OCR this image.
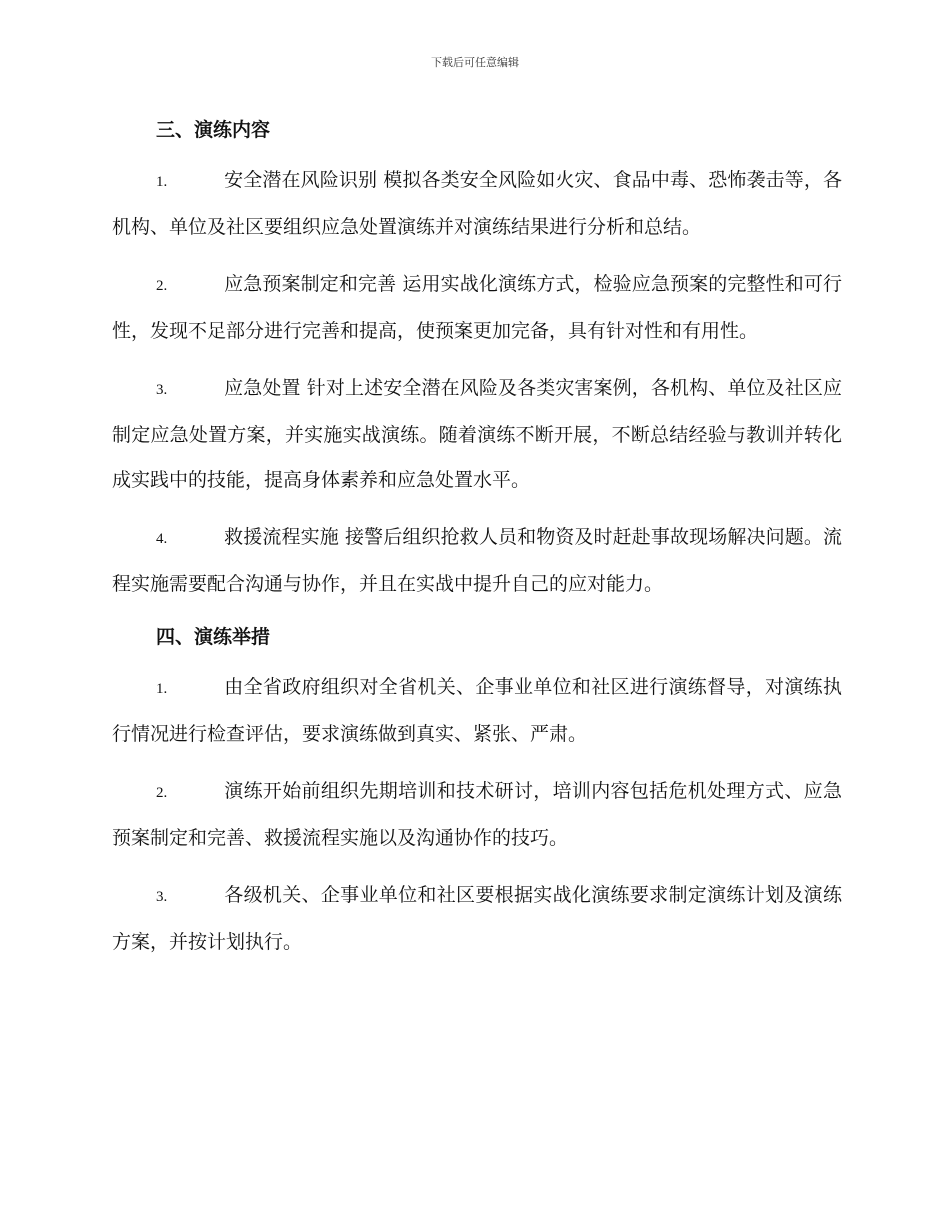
下载后可任意编辑

三、演练内容

1.	安全潜在风险识别 模拟各类安全风险如火灾、食品中毒、恐怖袭击等，各机构、单位及社区要组织应急处置演练并对演练结果进行分析和总结。

2.	应急预案制定和完善 运用实战化演练方式，检验应急预案的完整性和可行性，发现不足部分进行完善和提高，使预案更加完备，具有针对性和有用性。

3.	应急处置 针对上述安全潜在风险及各类灾害案例，各机构、单位及社区应制定应急处置方案，并实施实战演练。随着演练不断开展，不断总结经验与教训并转化成实践中的技能，提高身体素养和应急处置水平。

4.	救援流程实施 接警后组织抢救人员和物资及时赶赴事故现场解决问题。流程实施需要配合沟通与协作，并且在实战中提升自己的应对能力。

四、演练举措

1.	由全省政府组织对全省机关、企事业单位和社区进行演练督导，对演练执行情况进行检查评估，要求演练做到真实、紧张、严肃。

2.	演练开始前组织先期培训和技术研讨，培训内容包括危机处理方式、应急预案制定和完善、救援流程实施以及沟通协作的技巧。

3.	各级机关、企事业单位和社区要根据实战化演练要求制定演练计划及演练方案，并按计划执行。
